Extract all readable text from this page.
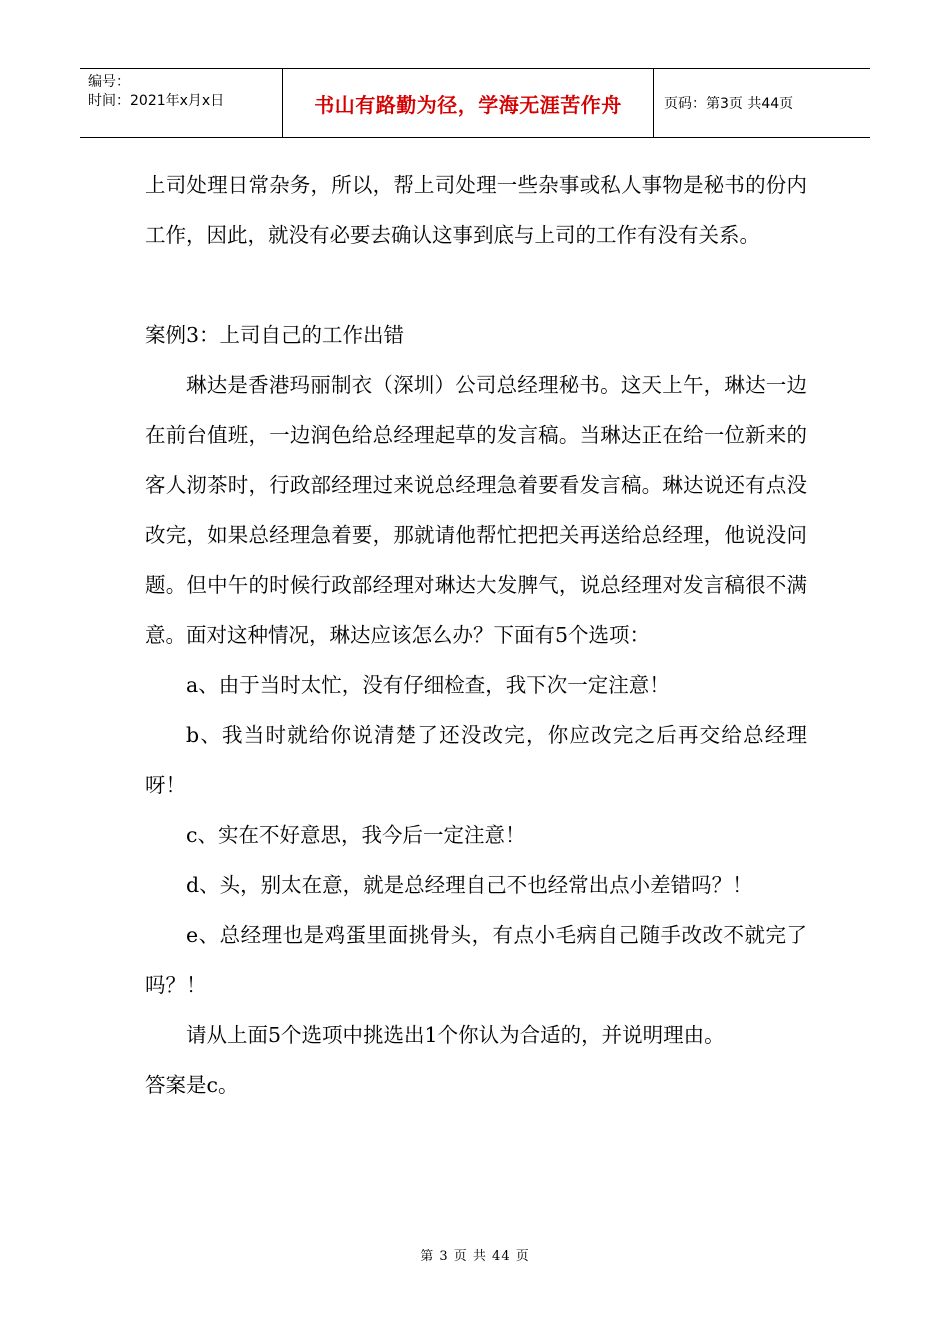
编号：
时间：2021年x月x日	书山有路勤为径，学海无涯苦作舟	页码：第3页 共44页

上司处理日常杂务，所以，帮上司处理一些杂事或私人事物是秘书的份内工作，因此，就没有必要去确认这事到底与上司的工作有没有关系。

案例3：上司自己的工作出错

琳达是香港玛丽制衣（深圳）公司总经理秘书。这天上午，琳达一边在前台值班，一边润色给总经理起草的发言稿。当琳达正在给一位新来的客人沏茶时，行政部经理过来说总经理急着要看发言稿。琳达说还有点没改完，如果总经理急着要，那就请他帮忙把把关再送给总经理，他说没问题。但中午的时候行政部经理对琳达大发脾气，说总经理对发言稿很不满意。面对这种情况，琳达应该怎么办？下面有5个选项：

a、由于当时太忙，没有仔细检查，我下次一定注意！

b、我当时就给你说清楚了还没改完，你应改完之后再交给总经理呀！

c、实在不好意思，我今后一定注意！

d、头，别太在意，就是总经理自己不也经常出点小差错吗？！

e、总经理也是鸡蛋里面挑骨头，有点小毛病自己随手改改不就完了吗？！

请从上面5个选项中挑选出1个你认为合适的，并说明理由。

答案是c。

第 3 页 共 44 页
